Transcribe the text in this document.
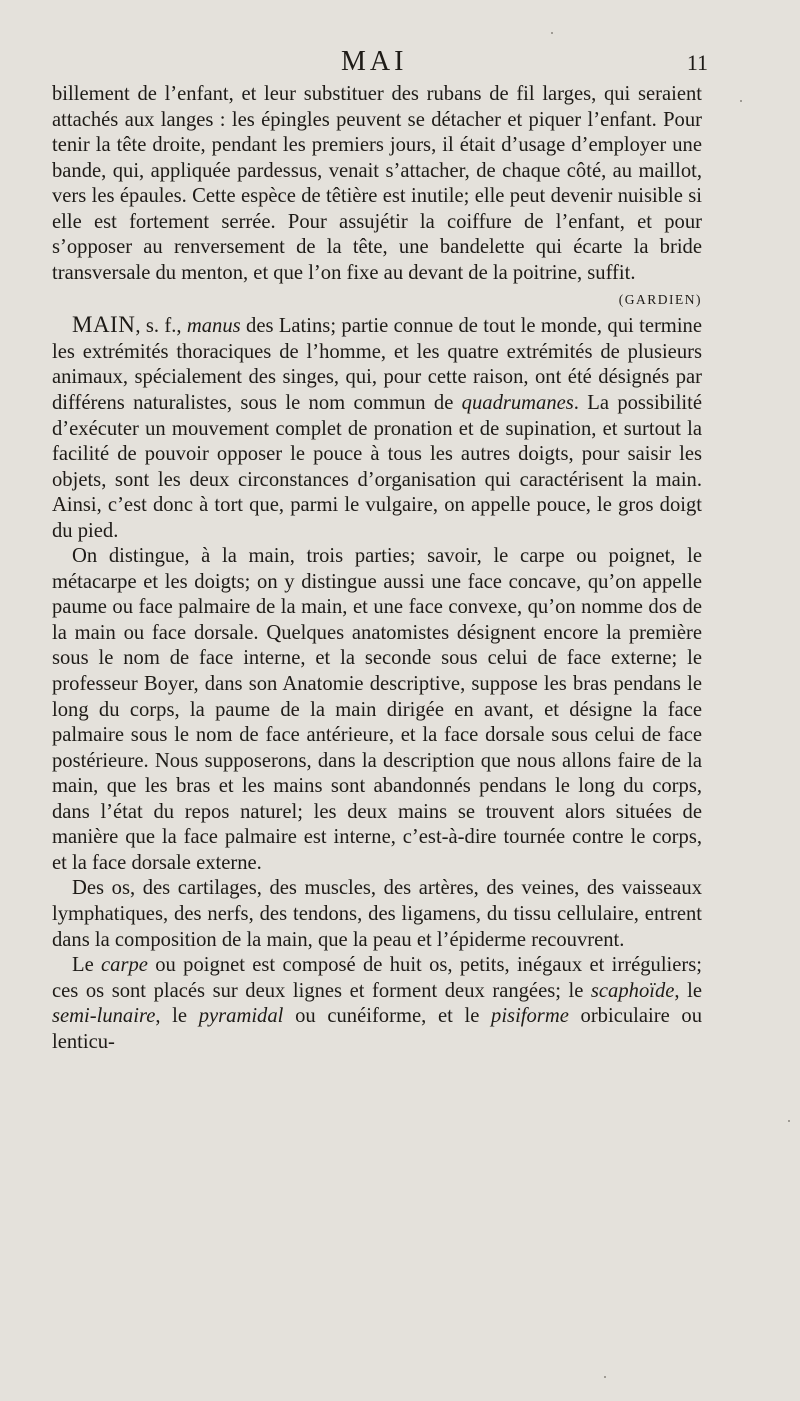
MAI	11

billement de l’enfant, et leur substituer des rubans de fil larges, qui seraient attachés aux langes : les épingles peuvent se détacher et piquer l’enfant. Pour tenir la tête droite, pendant les premiers jours, il était d’usage d’employer une bande, qui, appliquée pardessus, venait s’attacher, de chaque côté, au maillot, vers les épaules. Cette espèce de têtière est inutile; elle peut devenir nuisible si elle est fortement serrée. Pour assujétir la coiffure de l’enfant, et pour s’opposer au renversement de la tête, une bandelette qui écarte la bride transversale du menton, et que l’on fixe au devant de la poitrine, suffit.

(GARDIEN)

MAIN, s. f., manus des Latins; partie connue de tout le monde, qui termine les extrémités thoraciques de l’homme, et les quatre extrémités de plusieurs animaux, spécialement des singes, qui, pour cette raison, ont été désignés par différens naturalistes, sous le nom commun de quadrumanes. La possibilité d’exécuter un mouvement complet de pronation et de supination, et surtout la facilité de pouvoir opposer le pouce à tous les autres doigts, pour saisir les objets, sont les deux circonstances d’organisation qui caractérisent la main. Ainsi, c’est donc à tort que, parmi le vulgaire, on appelle pouce, le gros doigt du pied.

On distingue, à la main, trois parties; savoir, le carpe ou poignet, le métacarpe et les doigts; on y distingue aussi une face concave, qu’on appelle paume ou face palmaire de la main, et une face convexe, qu’on nomme dos de la main ou face dorsale. Quelques anatomistes désignent encore la première sous le nom de face interne, et la seconde sous celui de face externe; le professeur Boyer, dans son Anatomie descriptive, suppose les bras pendans le long du corps, la paume de la main dirigée en avant, et désigne la face palmaire sous le nom de face antérieure, et la face dorsale sous celui de face postérieure. Nous supposerons, dans la description que nous allons faire de la main, que les bras et les mains sont abandonnés pendans le long du corps, dans l’état du repos naturel; les deux mains se trouvent alors situées de manière que la face palmaire est interne, c’est-à-dire tournée contre le corps, et la face dorsale externe.

Des os, des cartilages, des muscles, des artères, des veines, des vaisseaux lymphatiques, des nerfs, des tendons, des ligamens, du tissu cellulaire, entrent dans la composition de la main, que la peau et l’épiderme recouvrent.

Le carpe ou poignet est composé de huit os, petits, inégaux et irréguliers; ces os sont placés sur deux lignes et forment deux rangées; le scaphoïde, le semi-lunaire, le pyramidal ou cunéiforme, et le pisiforme orbiculaire ou lenticu-
